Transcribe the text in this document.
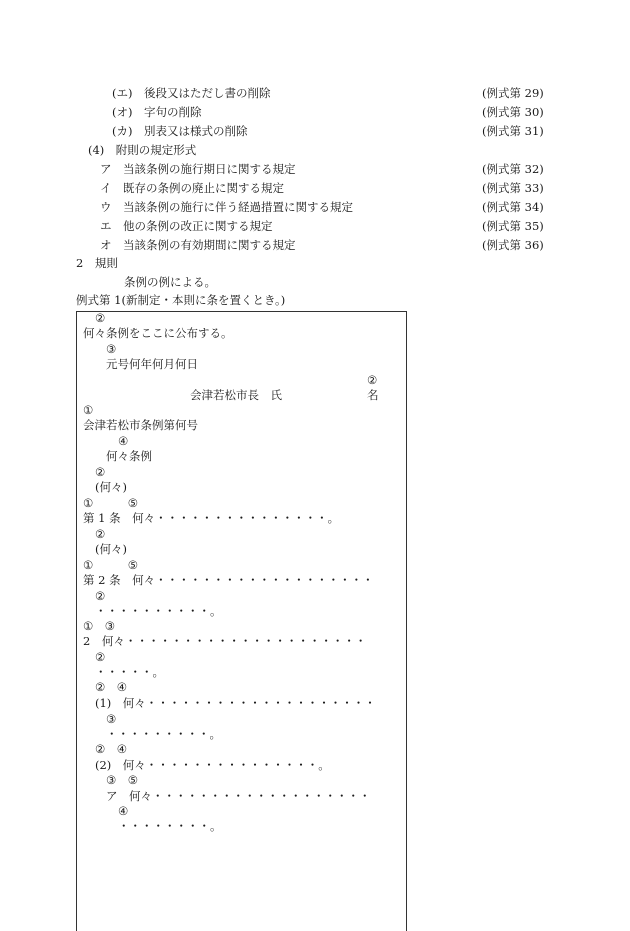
(エ)　後段又はただし書の削除	(例式第 29)
(オ)　字句の削除	(例式第 30)
(カ)　別表又は様式の削除	(例式第 31)
(4)　附則の規定形式
ア　当該条例の施行期日に関する規定	(例式第 32)
イ　既存の条例の廃止に関する規定	(例式第 33)
ウ　当該条例の施行に伴う経過措置に関する規定	(例式第 34)
エ　他の条例の改正に関する規定	(例式第 35)
オ　当該条例の有効期間に関する規定	(例式第 36)
2　規則
条例の例による。
例式第 1(新制定・本則に条を置くとき。)
②
何々条例をここに公布する。
③
元号何年何月何日
②
会津若松市長　氏	名
①
会津若松市条例第何号
④
何々条例
②
(何々)
①　　　⑤
第 1 条　何々・・・・・・・・・・・・・・・。
②
(何々)
①　　　⑤
第 2 条　何々・・・・・・・・・・・・・・・・・・・
②
・・・・・・・・・・。
①　③
2　何々・・・・・・・・・・・・・・・・・・・・・
②
・・・・・。
②　④
(1)　何々・・・・・・・・・・・・・・・・・・・・
③
・・・・・・・・・。
②　④
(2)　何々・・・・・・・・・・・・・・・。
③　⑤
ア　何々・・・・・・・・・・・・・・・・・・・
④
・・・・・・・・。
